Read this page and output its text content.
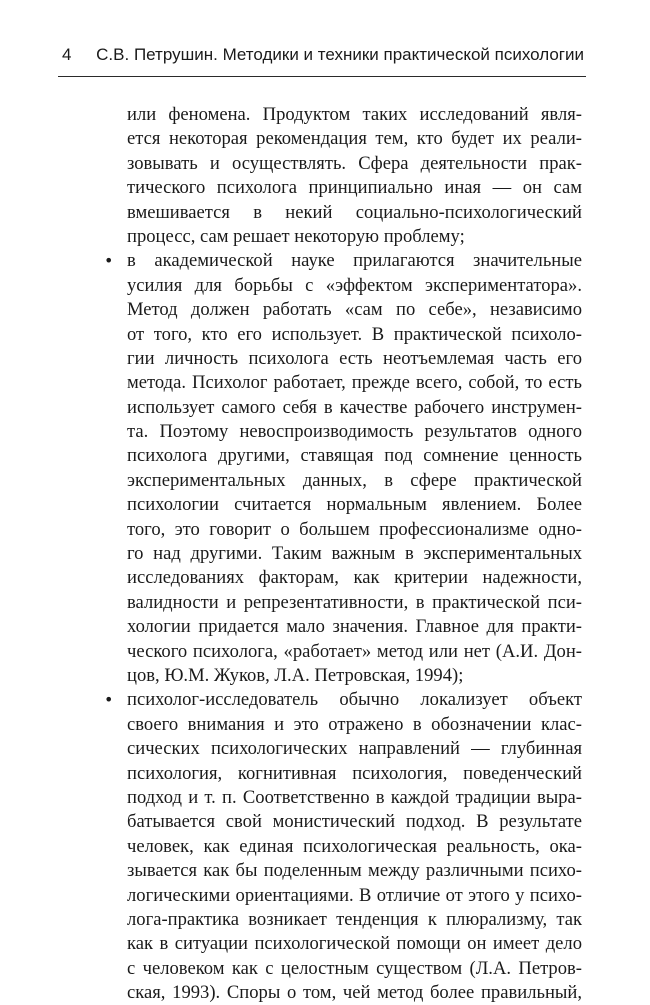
4 С.В. Петрушин. Методики и техники практической психологии
или феномена. Продуктом таких исследований явля-
ется некоторая рекомендация тем, кто будет их реали-
зовывать и осуществлять. Сфера деятельности прак-
тического психолога принципиально иная — он сам
вмешивается в некий социально-психологический
процесс, сам решает некоторую проблему;
• в академической науке прилагаются значительные
усилия для борьбы с «эффектом экспериментатора».
Метод должен работать «сам по себе», независимо
от того, кто его использует. В практической психоло-
гии личность психолога есть неотъемлемая часть его
метода. Психолог работает, прежде всего, собой, то есть
использует самого себя в качестве рабочего инструмен-
та. Поэтому невоспроизводимость результатов одного
психолога другими, ставящая под сомнение ценность
экспериментальных данных, в сфере практической
психологии считается нормальным явлением. Более
того, это говорит о большем профессионализме одно-
го над другими. Таким важным в экспериментальных
исследованиях факторам, как критерии надежности,
валидности и репрезентативности, в практической пси-
хологии придается мало значения. Главное для практи-
ческого психолога, «работает» метод или нет (А.И. Дон-
цов, Ю.М. Жуков, Л.А. Петровская, 1994);
• психолог-исследователь обычно локализует объект
своего внимания и это отражено в обозначении клас-
сических психологических направлений — глубинная
психология, когнитивная психология, поведенческий
подход и т. п. Соответственно в каждой традиции выра-
батывается свой монистический подход. В результате
человек, как единая психологическая реальность, ока-
зывается как бы поделенным между различными психо-
логическими ориентациями. В отличие от этого у психо-
лога-практика возникает тенденция к плюрализму, так
как в ситуации психологической помощи он имеет дело
с человеком как с целостным существом (Л.А. Петров-
ская, 1993). Споры о том, чей метод более правильный,
